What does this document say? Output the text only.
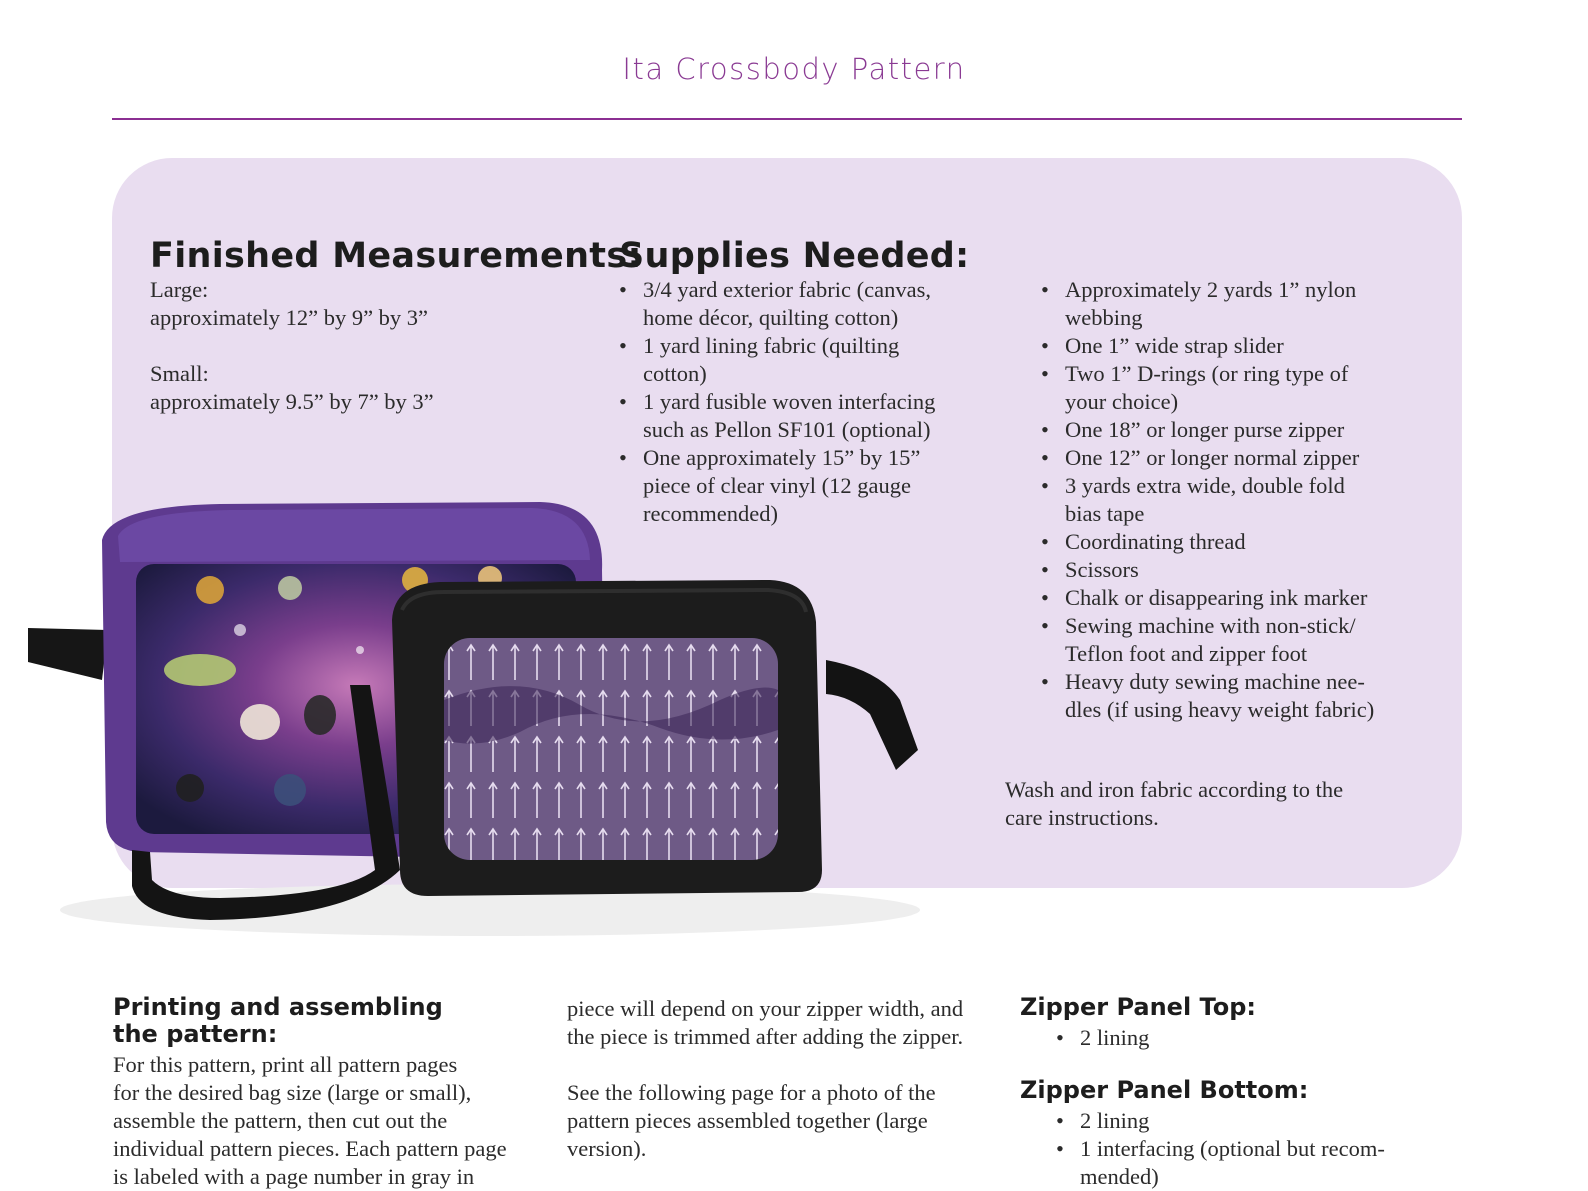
Ita Crossbody Pattern
Finished Measurements:

Large:

approximately 12” by 9” by 3”

Small:

approximately 9.5” by 7” by 3”

Supplies Needed:
• 3/4 yard exterior fabric (canvas,
home décor, quilting cotton)
• 1 yard lining fabric (quilting
cotton)
• 1 yard fusible woven interfacing
such as Pellon SF101 (optional)
• One approximately 15” by 15”
piece of clear vinyl (12 gauge
recommended)
• Approximately 2 yards 1” nylon
webbing
• One 1” wide strap slider
• Two 1” D-rings (or ring type of
your choice)
• One 18” or longer purse zipper
• One 12” or longer normal zipper
• 3 yards extra wide, double fold
bias tape
• Coordinating thread
• Scissors
• Chalk or disappearing ink marker
• Sewing machine with non-stick/
Teflon foot and zipper foot
• Heavy duty sewing machine nee-
dles (if using heavy weight fabric)

Wash and iron fabric according to the

care instructions.

Printing and assembling
the pattern:

For this pattern, print all pattern pages

for the desired bag size (large or small),

assemble the pattern, then cut out the

individual pattern pieces. Each pattern page

is labeled with a page number in gray in

piece will depend on your zipper width, and

the piece is trimmed after adding the zipper.

See the following page for a photo of the

pattern pieces assembled together (large

version).

Zipper Panel Top:
• 2 lining
Zipper Panel Bottom:
• 2 lining
• 1 interfacing (optional but recom-
mended)
